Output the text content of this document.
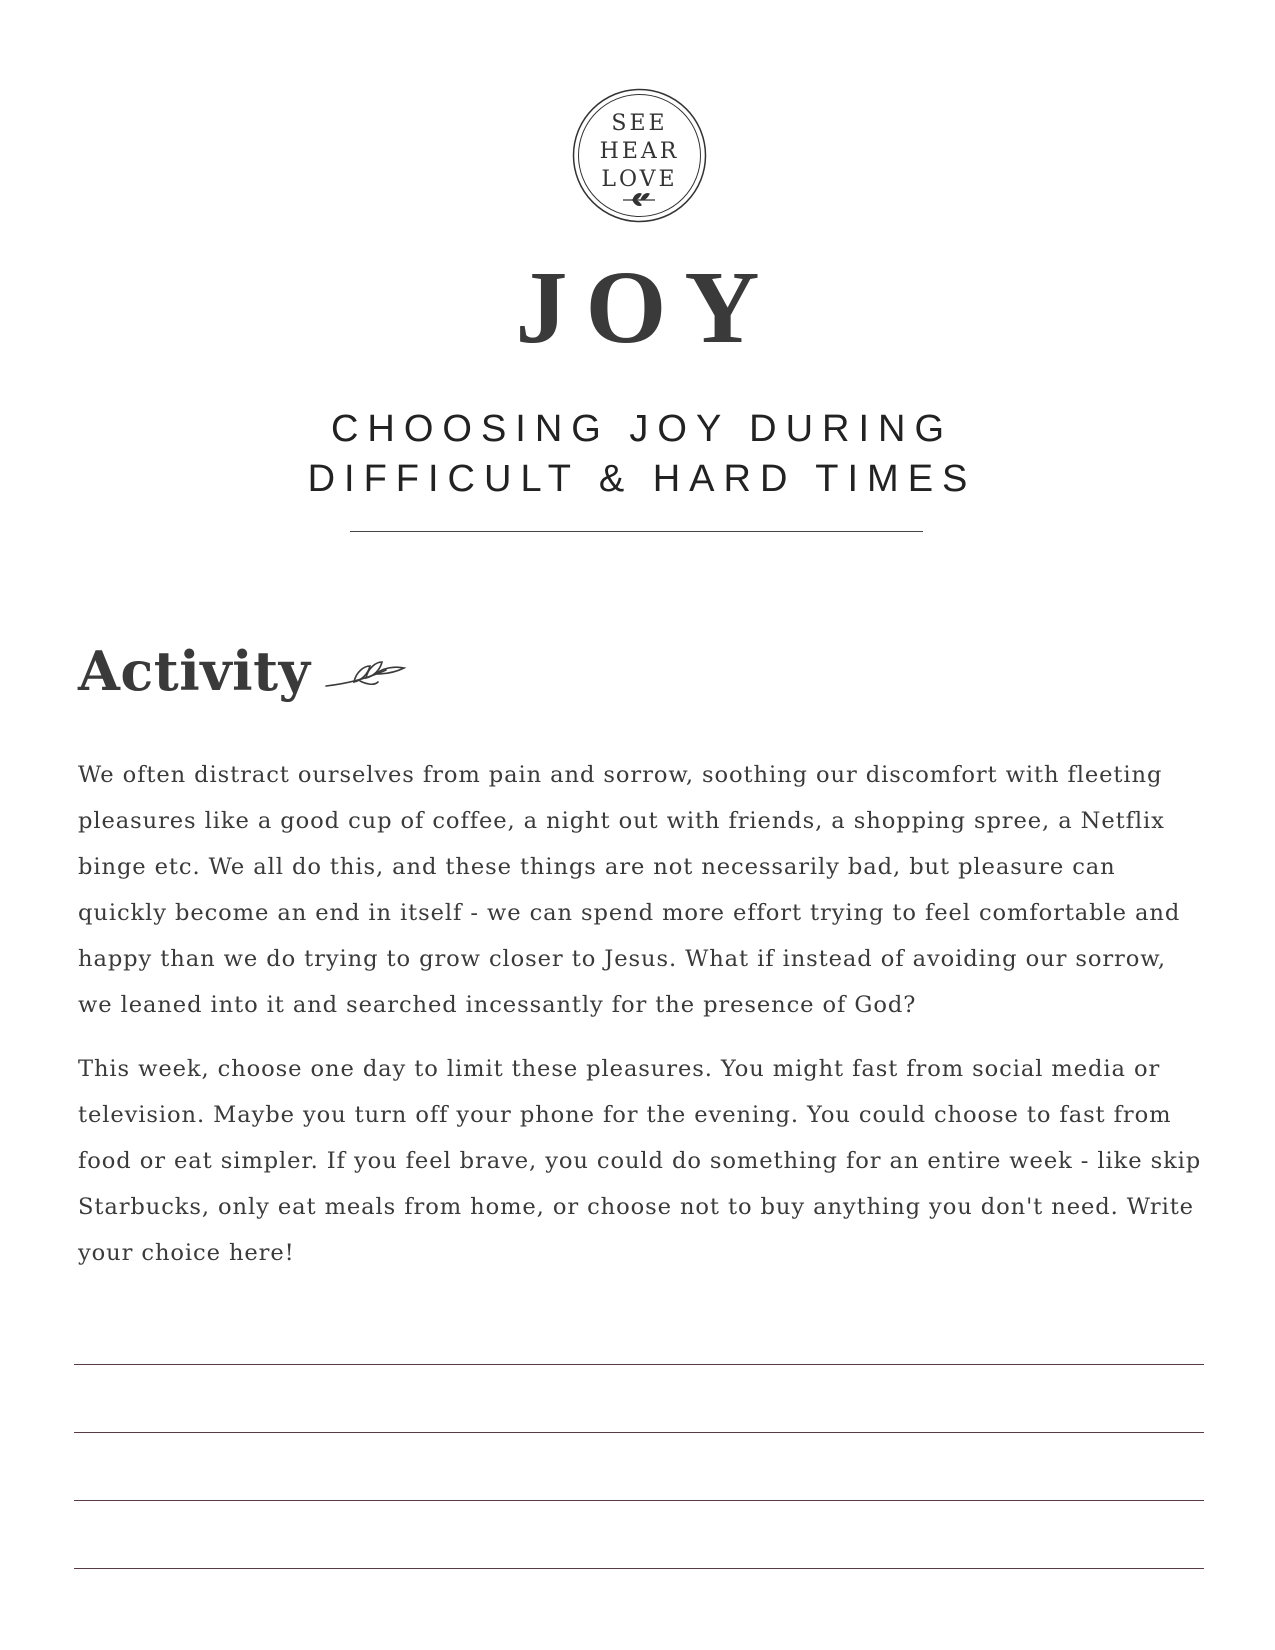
SEE
HEAR
LOVE
JOY
CHOOSING JOY DURING
DIFFICULT & HARD TIMES
Activity

We often distract ourselves from pain and sorrow, soothing our discomfort with fleeting pleasures like a good cup of coffee, a night out with friends, a shopping spree, a Netflix binge etc. We all do this, and these things are not necessarily bad, but pleasure can quickly become an end in itself - we can spend more effort trying to feel comfortable and happy than we do trying to grow closer to Jesus. What if instead of avoiding our sorrow, we leaned into it and searched incessantly for the presence of God?

This week, choose one day to limit these pleasures. You might fast from social media or television. Maybe you turn off your phone for the evening. You could choose to fast from food or eat simpler. If you feel brave, you could do something for an entire week - like skip Starbucks, only eat meals from home, or choose not to buy anything you don't need. Write your choice here!
